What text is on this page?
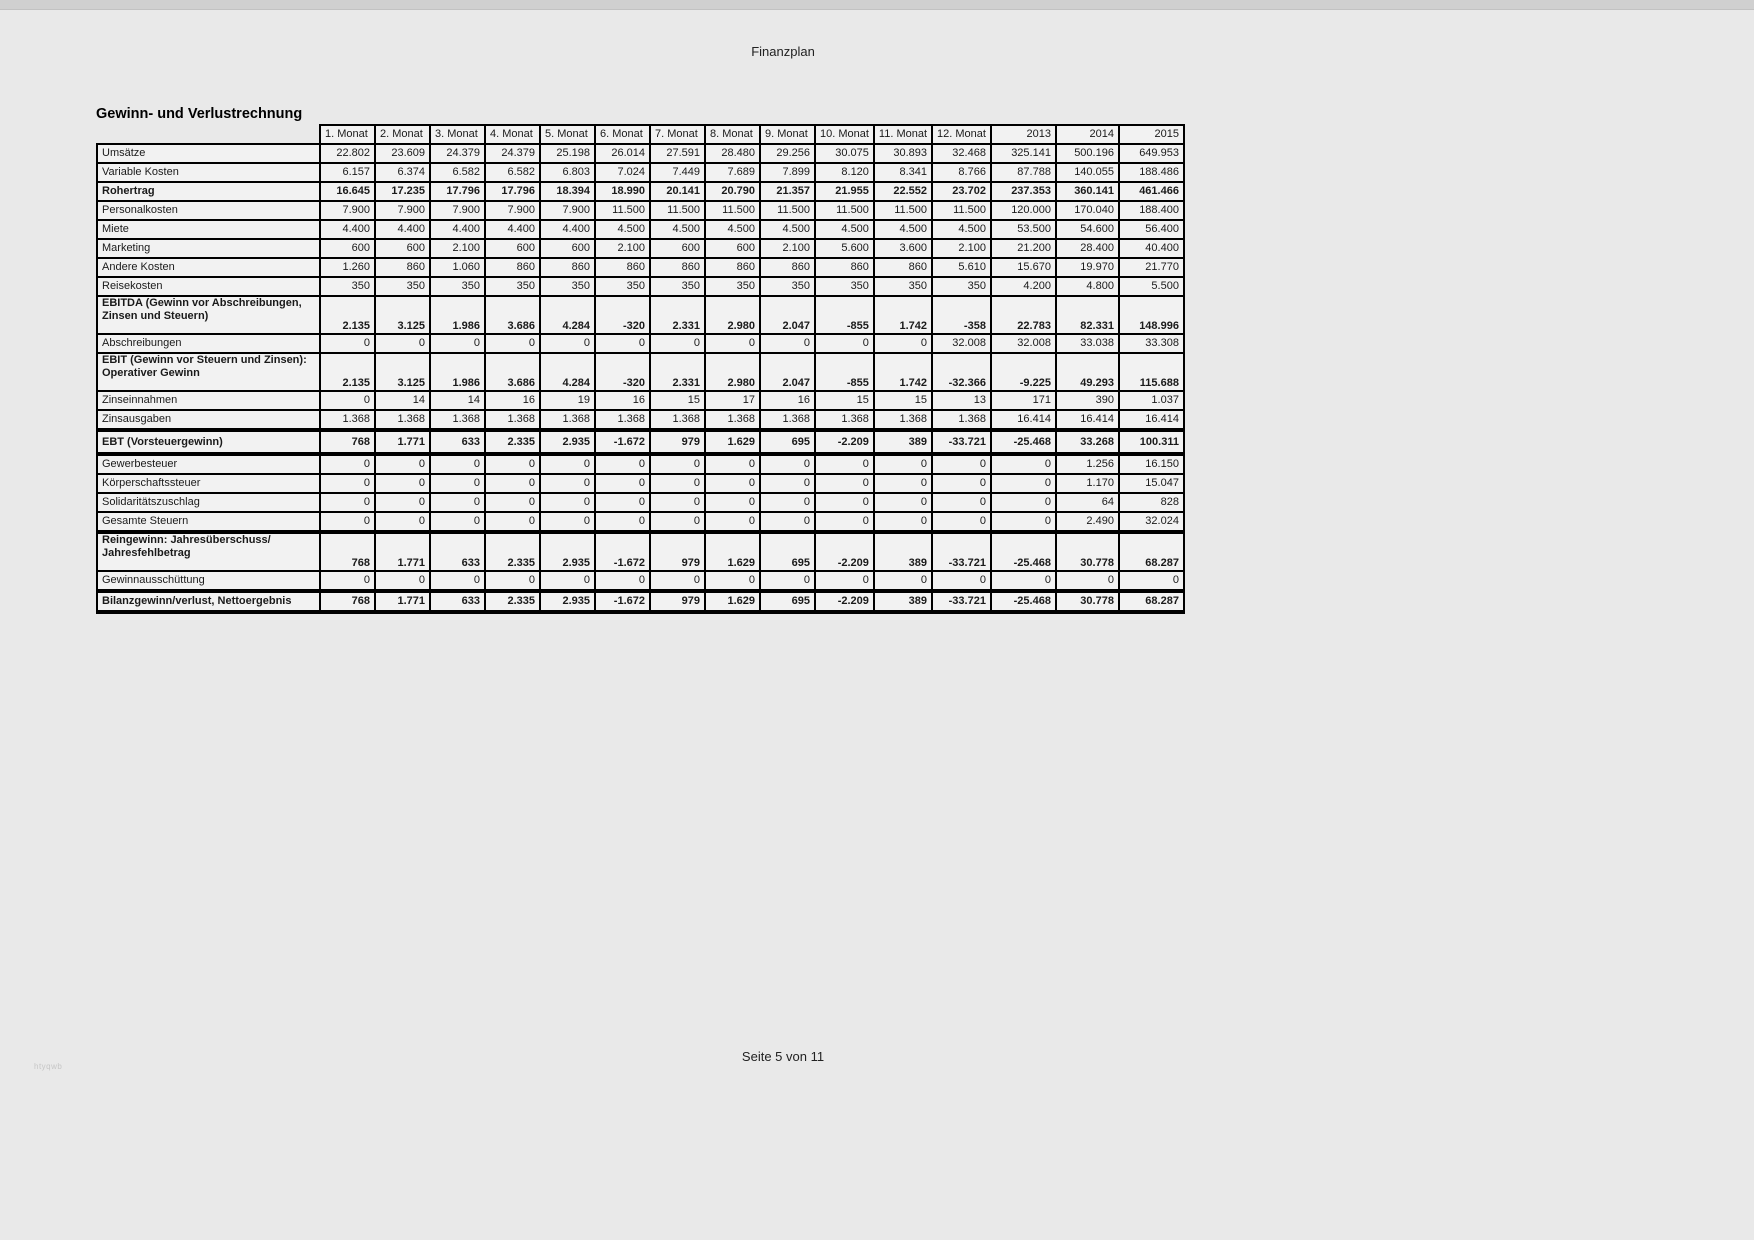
Finanzplan
Gewinn- und Verlustrechnung
	1. Monat	2. Monat	3. Monat	4. Monat	5. Monat	6. Monat	7. Monat	8. Monat	9. Monat	10. Monat	11. Monat	12. Monat	2013	2014	2015
Umsätze	22.802	23.609	24.379	24.379	25.198	26.014	27.591	28.480	29.256	30.075	30.893	32.468	325.141	500.196	649.953
Variable Kosten	6.157	6.374	6.582	6.582	6.803	7.024	7.449	7.689	7.899	8.120	8.341	8.766	87.788	140.055	188.486
Rohertrag	16.645	17.235	17.796	17.796	18.394	18.990	20.141	20.790	21.357	21.955	22.552	23.702	237.353	360.141	461.466
Personalkosten	7.900	7.900	7.900	7.900	7.900	11.500	11.500	11.500	11.500	11.500	11.500	11.500	120.000	170.040	188.400
Miete	4.400	4.400	4.400	4.400	4.400	4.500	4.500	4.500	4.500	4.500	4.500	4.500	53.500	54.600	56.400
Marketing	600	600	2.100	600	600	2.100	600	600	2.100	5.600	3.600	2.100	21.200	28.400	40.400
Andere Kosten	1.260	860	1.060	860	860	860	860	860	860	860	860	5.610	15.670	19.970	21.770
Reisekosten	350	350	350	350	350	350	350	350	350	350	350	350	4.200	4.800	5.500
EBITDA (Gewinn vor Abschreibungen,
Zinsen und Steuern)	2.135	3.125	1.986	3.686	4.284	-320	2.331	2.980	2.047	-855	1.742	-358	22.783	82.331	148.996
Abschreibungen	0	0	0	0	0	0	0	0	0	0	0	32.008	32.008	33.038	33.308
EBIT (Gewinn vor Steuern und Zinsen):
Operativer Gewinn	2.135	3.125	1.986	3.686	4.284	-320	2.331	2.980	2.047	-855	1.742	-32.366	-9.225	49.293	115.688
Zinseinnahmen	0	14	14	16	19	16	15	17	16	15	15	13	171	390	1.037
Zinsausgaben	1.368	1.368	1.368	1.368	1.368	1.368	1.368	1.368	1.368	1.368	1.368	1.368	16.414	16.414	16.414
EBT (Vorsteuergewinn)	768	1.771	633	2.335	2.935	-1.672	979	1.629	695	-2.209	389	-33.721	-25.468	33.268	100.311
Gewerbesteuer	0	0	0	0	0	0	0	0	0	0	0	0	0	1.256	16.150
Körperschaftssteuer	0	0	0	0	0	0	0	0	0	0	0	0	0	1.170	15.047
Solidaritätszuschlag	0	0	0	0	0	0	0	0	0	0	0	0	0	64	828
Gesamte Steuern	0	0	0	0	0	0	0	0	0	0	0	0	0	2.490	32.024
Reingewinn: Jahresüberschuss/
Jahresfehlbetrag	768	1.771	633	2.335	2.935	-1.672	979	1.629	695	-2.209	389	-33.721	-25.468	30.778	68.287
Gewinnausschüttung	0	0	0	0	0	0	0	0	0	0	0	0	0	0	0
Bilanzgewinn/verlust, Nettoergebnis	768	1.771	633	2.335	2.935	-1.672	979	1.629	695	-2.209	389	-33.721	-25.468	30.778	68.287
Seite 5 von 11
htyqwb
